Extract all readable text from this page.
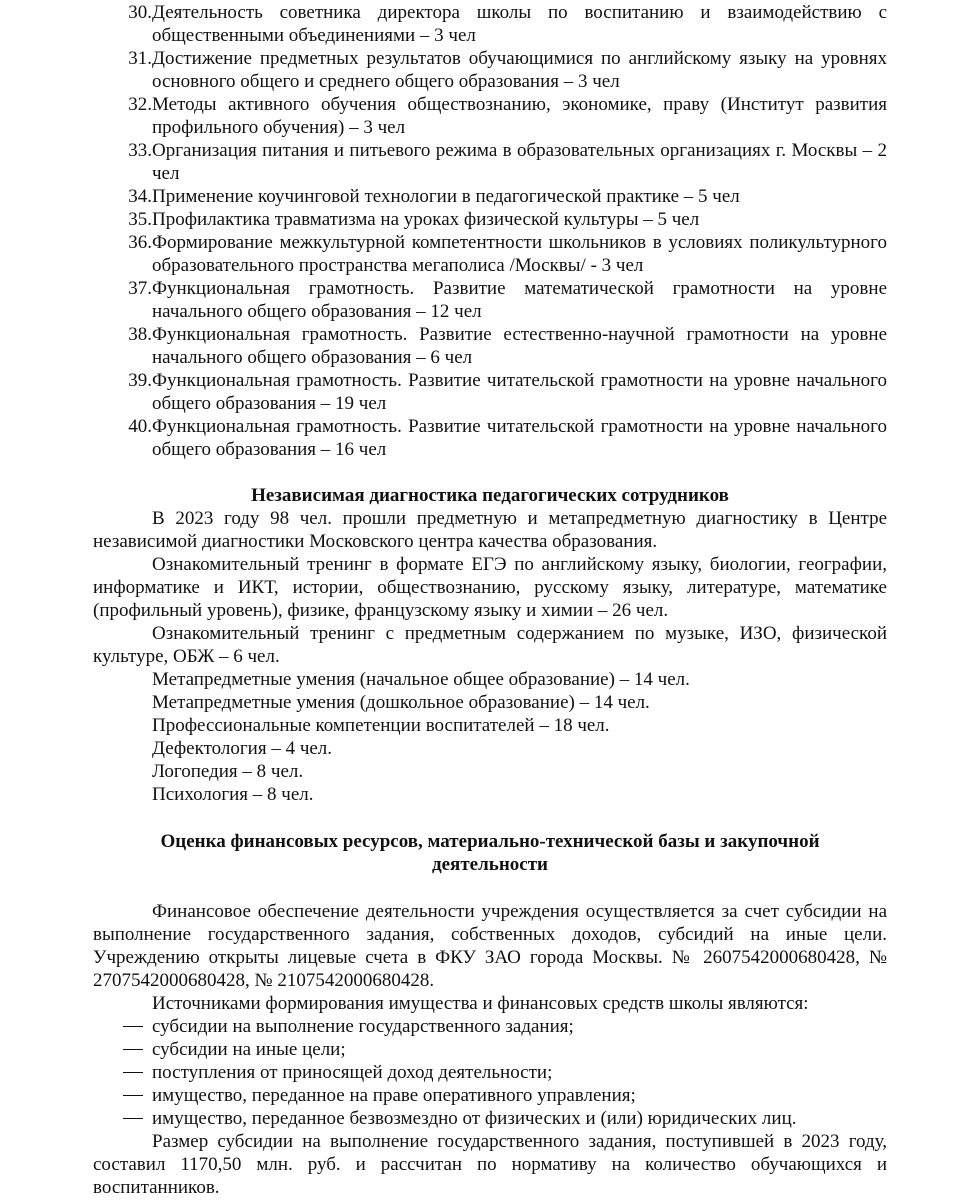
30. Деятельность советника директора школы по воспитанию и взаимодействию с общественными объединениями – 3 чел
31. Достижение предметных результатов обучающимися по английскому языку на уровнях основного общего и среднего общего образования – 3 чел
32. Методы активного обучения обществознанию, экономике, праву (Институт развития профильного обучения) – 3 чел
33. Организация питания и питьевого режима в образовательных организациях г. Москвы – 2 чел
34. Применение коучинговой технологии в педагогической практике – 5 чел
35. Профилактика травматизма на уроках физической культуры – 5 чел
36. Формирование межкультурной компетентности школьников в условиях поликультурного образовательного пространства мегаполиса /Москвы/ - 3 чел
37. Функциональная грамотность. Развитие математической грамотности на уровне начального общего образования – 12 чел
38. Функциональная грамотность. Развитие естественно-научной грамотности на уровне начального общего образования – 6 чел
39. Функциональная грамотность. Развитие читательской грамотности на уровне начального общего образования – 19 чел
40. Функциональная грамотность. Развитие читательской грамотности на уровне начального общего образования – 16 чел

Независимая диагностика педагогических сотрудников

В 2023 году 98 чел. прошли предметную и метапредметную диагностику в Центре независимой диагностики Московского центра качества образования.

Ознакомительный тренинг в формате ЕГЭ по английскому языку, биологии, географии, информатике и ИКТ, истории, обществознанию, русскому языку, литературе, математике (профильный уровень), физике, французскому языку и химии – 26 чел.

Ознакомительный тренинг с предметным содержанием по музыке, ИЗО, физической культуре, ОБЖ – 6 чел.

Метапредметные умения (начальное общее образование) – 14 чел.

Метапредметные умения (дошкольное образование) – 14 чел.

Профессиональные компетенции воспитателей – 18 чел.

Дефектология – 4 чел.

Логопедия – 8 чел.

Психология – 8 чел.

Оценка финансовых ресурсов, материально-технической базы и закупочной
деятельности

Финансовое обеспечение деятельности учреждения осуществляется за счет субсидии на выполнение государственного задания, собственных доходов, субсидий на иные цели. Учреждению открыты лицевые счета в ФКУ ЗАО города Москвы. № 2607542000680428, № 2707542000680428, № 2107542000680428.

Источниками формирования имущества и финансовых средств школы являются:

субсидии на выполнение государственного задания;
субсидии на иные цели;
поступления от приносящей доход деятельности;
имущество, переданное на праве оперативного управления;
имущество, переданное безвозмездно от физических и (или) юридических лиц.

Размер субсидии на выполнение государственного задания, поступившей в 2023 году, составил 1170,50 млн. руб. и рассчитан по нормативу на количество обучающихся и воспитанников.
